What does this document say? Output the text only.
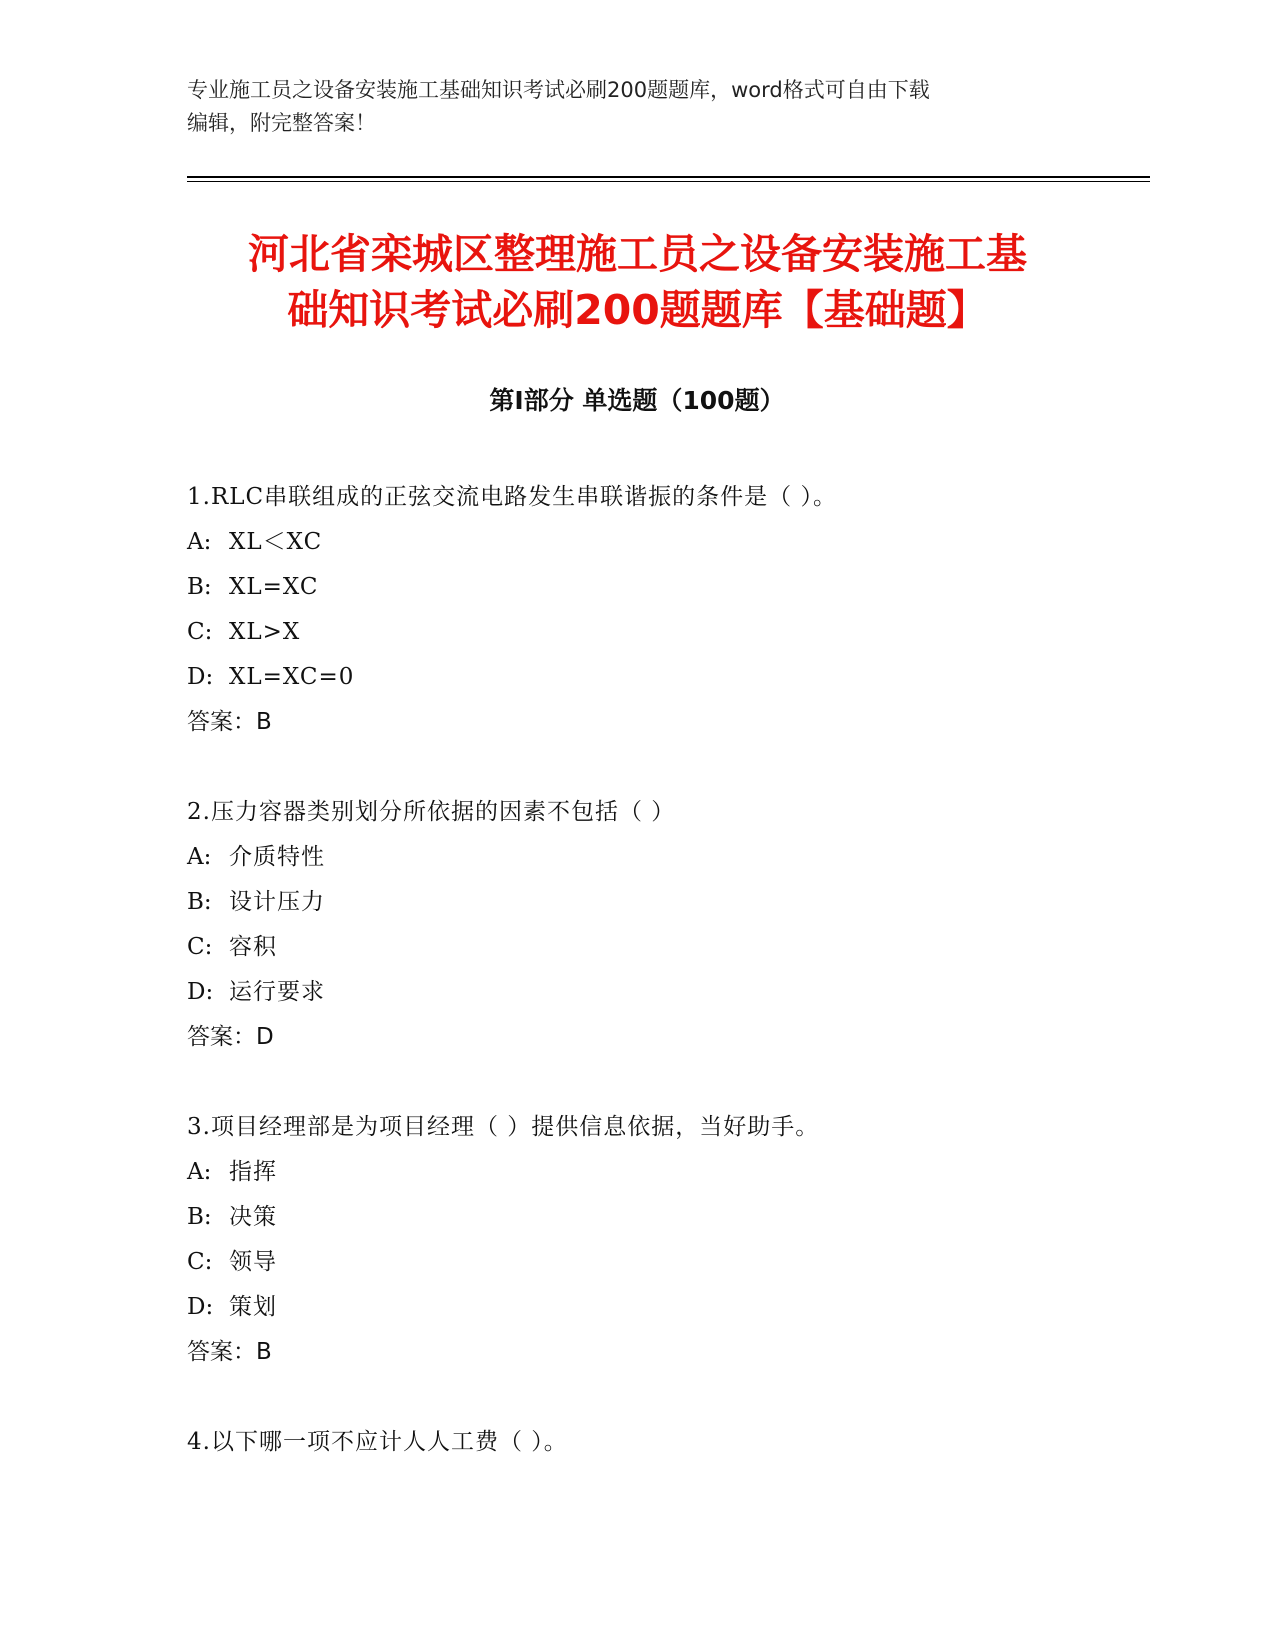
专业施工员之设备安装施工基础知识考试必刷200题题库，word格式可自由下载
编辑，附完整答案！
河北省栾城区整理施工员之设备安装施工基
础知识考试必刷200题题库【基础题】
第Ⅰ部分 单选题（100题）
1.RLC串联组成的正弦交流电路发生串联谐振的条件是（ ）。
A: XL＜XC
B: XL=XC
C: XL>X
D: XL=XC=0
答案：B
2.压力容器类别划分所依据的因素不包括（ ）
A: 介质特性
B: 设计压力
C: 容积
D: 运行要求
答案：D
3.项目经理部是为项目经理（ ）提供信息依据，当好助手。
A: 指挥
B: 决策
C: 领导
D: 策划
答案：B
4.以下哪一项不应计人人工费（ ）。
